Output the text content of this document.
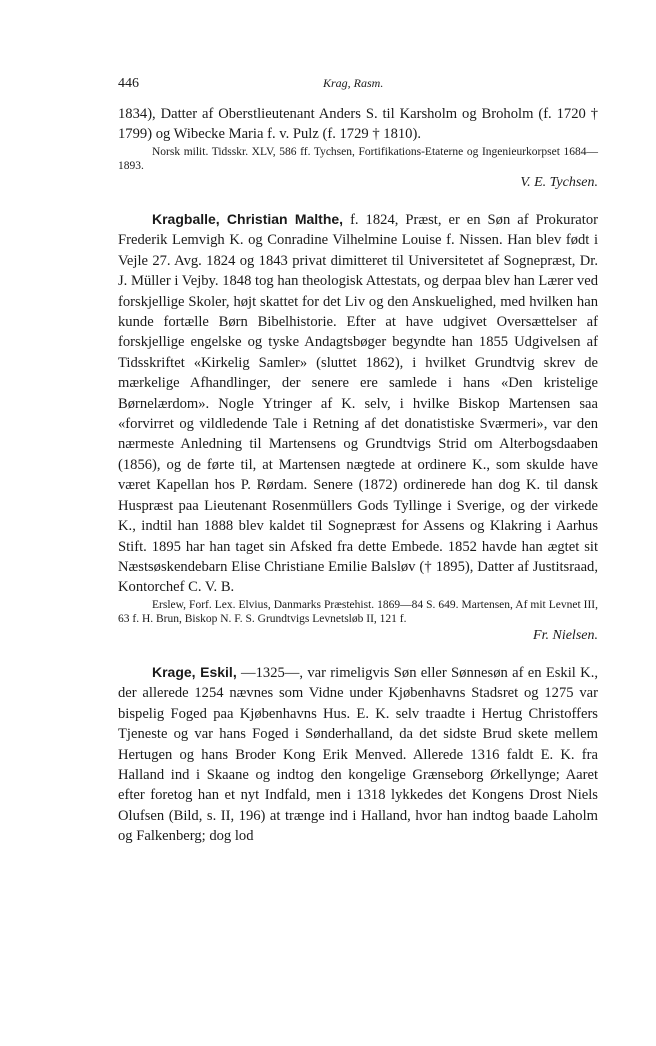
446	Krag, Rasm.

1834), Datter af Oberstlieutenant Anders S. til Karsholm og Broholm (f. 1720 † 1799) og Wibecke Maria f. v. Pulz (f. 1729 † 1810).

Norsk milit. Tidsskr. XLV, 586 ff. Tychsen, Fortifikations-Etaterne og Ingenieurkorpset 1684—1893.

V. E. Tychsen.

Kragballe, Christian Malthe, f. 1824, Præst, er en Søn af Prokurator Frederik Lemvigh K. og Conradine Vilhelmine Louise f. Nissen. Han blev født i Vejle 27. Avg. 1824 og 1843 privat dimitteret til Universitetet af Sognepræst, Dr. J. Müller i Vejby. 1848 tog han theologisk Attestats, og derpaa blev han Lærer ved forskjellige Skoler, højt skattet for det Liv og den Anskuelighed, med hvilken han kunde fortælle Børn Bibelhistorie. Efter at have udgivet Oversættelser af forskjellige engelske og tyske Andagtsbøger begyndte han 1855 Udgivelsen af Tidsskriftet «Kirkelig Samler» (sluttet 1862), i hvilket Grundtvig skrev de mærkelige Afhandlinger, der senere ere samlede i hans «Den kristelige Børnelærdom». Nogle Ytringer af K. selv, i hvilke Biskop Martensen saa «forvirret og vildledende Tale i Retning af det donatistiske Sværmeri», var den nærmeste Anledning til Martensens og Grundtvigs Strid om Alterbogsdaaben (1856), og de førte til, at Martensen nægtede at ordinere K., som skulde have været Kapellan hos P. Rørdam. Senere (1872) ordinerede han dog K. til dansk Huspræst paa Lieutenant Rosenmüllers Gods Tyllinge i Sverige, og der virkede K., indtil han 1888 blev kaldet til Sognepræst for Assens og Klakring i Aarhus Stift. 1895 har han taget sin Afsked fra dette Embede. 1852 havde han ægtet sit Næstsøskendebarn Elise Christiane Emilie Balsløv († 1895), Datter af Justitsraad, Kontorchef C. V. B.

Erslew, Forf. Lex. Elvius, Danmarks Præstehist. 1869—84 S. 649. Martensen, Af mit Levnet III, 63 f. H. Brun, Biskop N. F. S. Grundtvigs Levnetsløb II, 121 f.

Fr. Nielsen.

Krage, Eskil, —1325—, var rimeligvis Søn eller Sønnesøn af en Eskil K., der allerede 1254 nævnes som Vidne under Kjøbenhavns Stadsret og 1275 var bispelig Foged paa Kjøbenhavns Hus. E. K. selv traadte i Hertug Christoffers Tjeneste og var hans Foged i Sønderhalland, da det sidste Brud skete mellem Hertugen og hans Broder Kong Erik Menved. Allerede 1316 faldt E. K. fra Halland ind i Skaane og indtog den kongelige Grænseborg Ørkellynge; Aaret efter foretog han et nyt Indfald, men i 1318 lykkedes det Kongens Drost Niels Olufsen (Bild, s. II, 196) at trænge ind i Halland, hvor han indtog baade Laholm og Falkenberg; dog lod
